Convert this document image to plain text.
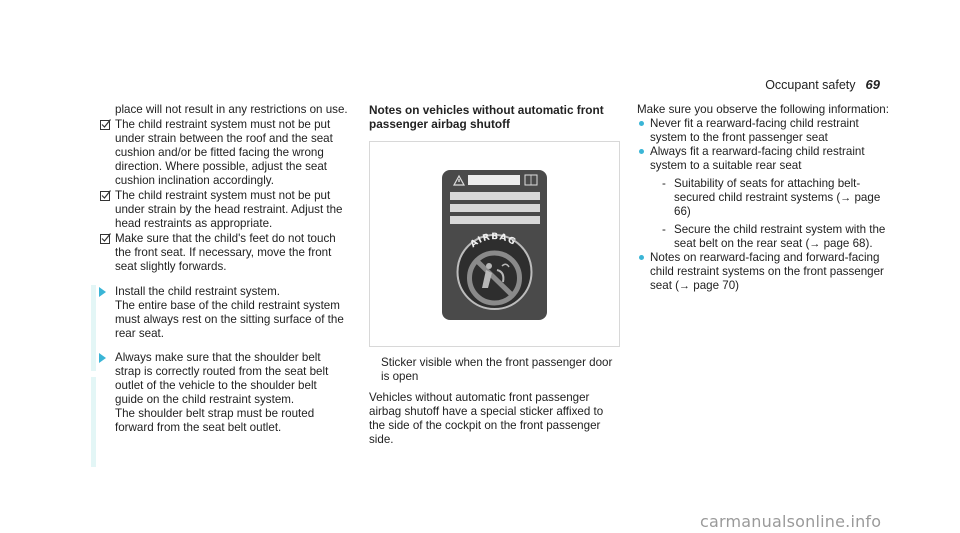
Occupant safety 69
place will not result in any restrictions on use.
The child restraint system must not be put under strain between the roof and the seat cushion and/or be fitted facing the wrong direction. Where possible, adjust the seat cushion inclination accordingly.
The child restraint system must not be put under strain by the head restraint. Adjust the head restraints as appropriate.
Make sure that the child's feet do not touch the front seat. If necessary, move the front seat slightly forwards.
Install the child restraint system.
The entire base of the child restraint system must always rest on the sitting surface of the rear seat.
Always make sure that the shoulder belt strap is correctly routed from the seat belt outlet of the vehicle to the shoulder belt guide on the child restraint system.
The shoulder belt strap must be routed forward from the seat belt outlet.
Notes on vehicles without automatic front passenger airbag shutoff
AIRBAG
Sticker visible when the front passenger door is open
Vehicles without automatic front passenger airbag shutoff have a special sticker affixed to the side of the cockpit on the front passenger side.
Make sure you observe the following information:
Never fit a rearward-facing child restraint system to the front passenger seat
Always fit a rearward-facing child restraint system to a suitable rear seat
- Suitability of seats for attaching belt-secured child restraint systems (→ page 66)
- Secure the child restraint system with the seat belt on the rear seat (→ page 68).
Notes on rearward-facing and forward-facing child restraint systems on the front passenger seat (→ page 70)
carmanualsonline.info
